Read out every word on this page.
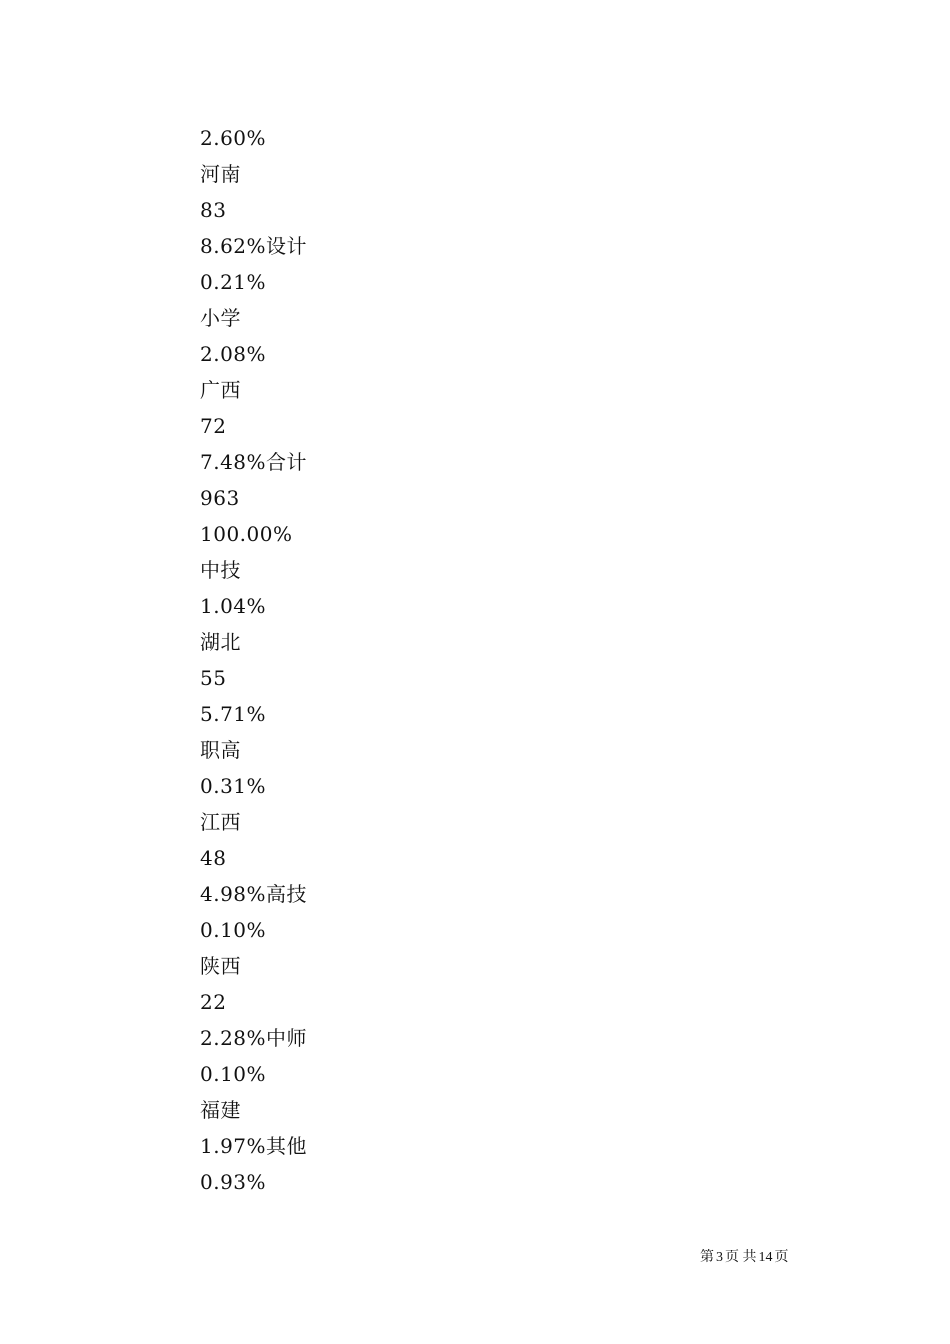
2.60%
河南
83
8.62%设计
0.21%
小学
2.08%
广西
72
7.48%合计
963
100.00%
中技
1.04%
湖北
55
5.71%
职高
0.31%
江西
48
4.98%高技
0.10%
陕西
22
2.28%中师
0.10%
福建
1.97%其他
0.93%
第 3 页 共 14 页
